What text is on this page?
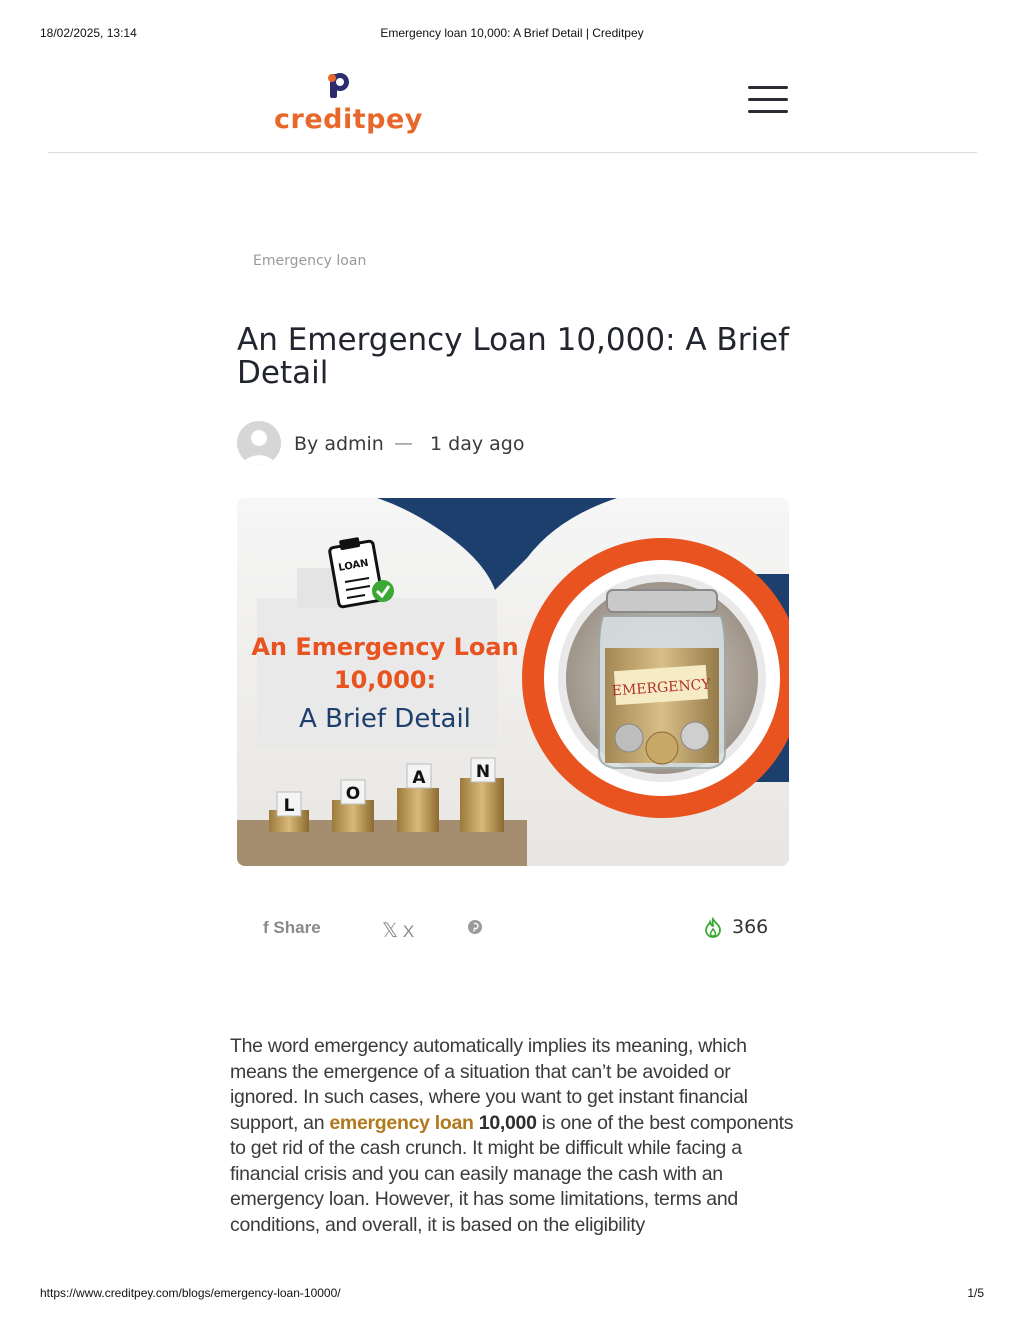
18/02/2025, 13:14	Emergency loan 10,000: A Brief Detail | Creditpey
creditpey
Emergency loan
An Emergency Loan 10,000: A Brief Detail
By admin — 1 day ago
EMERGENCY
LOAN
An Emergency Loan
10,000:
A Brief Detail
L
O
A	N
f Share	𝕏 X	366

The word emergency automatically implies its meaning, which means the emergence of a situation that can’t be avoided or ignored. In such cases, where you want to get instant financial support, an emergency loan 10,000 is one of the best components to get rid of the cash crunch. It might be difficult while facing a financial crisis and you can easily manage the cash with an emergency loan. However, it has some limitations, terms and conditions, and overall, it is based on the eligibility

https://www.creditpey.com/blogs/emergency-loan-10000/	1/5
